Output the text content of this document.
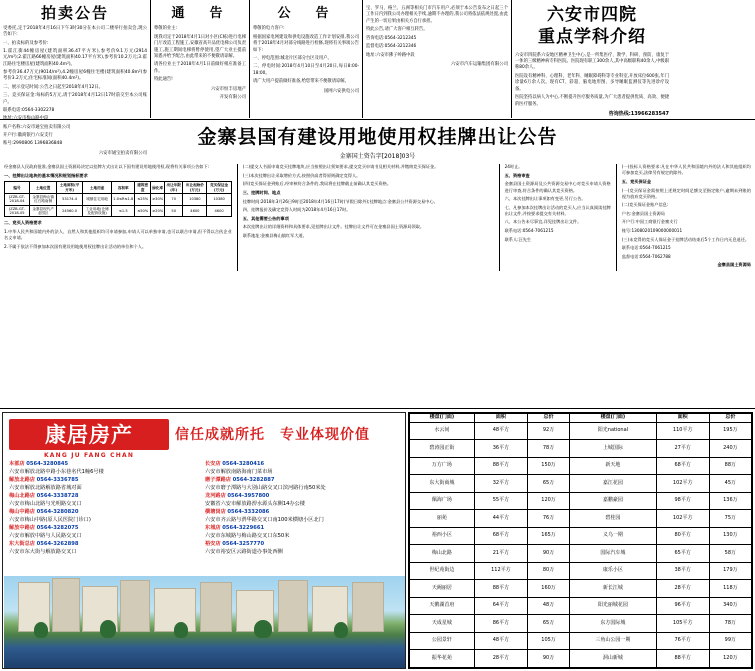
拍卖公告

受委托,定于2018年4月16日下午3时30分在本公司二楼举行拍卖会,现公告如下:

一、拍卖标的及参考价:

1.霍江街44幢房屋(建筑面积36.47平方米),参考价9.1万元(2914元/m²);2.霍江路66幢房屋(建筑面积40.17平方米),参考价10.2万元;3.霍江路住宅楼房屋(建筑面积40.4m²)。

参考价36.47万元(9014/m²),4.2幢房屋6幢住宅楼(建筑面积40.8m²)参考价3.2万元;住宅标准间(面积40.4m²)。

二、展示登记时间:公告之日起至2018年4月12日。

三、竞买保证金:每标的5万元,请于2018年4月12日17时前交至本公司账户。

联系电话:0564-3302278

地址:六安市梅山路中段

账户名称:六安市通宝拍卖有限公司

开户行:徽商银行六安支行

账号:2990806 1396836848

六安市通宝拍卖有限公司
通　告

尊敬的业主:

现我司定于2018年4月1日对小区(C栋)进行电梯门厅改造工程施工,安徽省高升品优电梯公司负责施工,施工期间电梯将暂停使用,望广大业主提前知悉并给予配合,由此带来的不便敬请谅解。

请各位业主于2018年4月1日前做好相应准备工作。

特此通告!

六安市恒丰房地产
开发有限公司
公　告

尊敬的电力客户:

根据国家电网建设和供电设施改造工作计划安排,我公司将于2018年4月对部分线路进行检修,现将有关事项公告如下:

一、停电范围:城北片区部分台区及用户。

二、停电时间:2018年4月10日至4月20日,每日8:00-18:00。

请广大用户提前做好准备,给您带来不便敬请谅解。

国网六安供电公司

宝、罗马、格兰、五洲等相关门市汽车用户,必须于本公告发布之日起三个工作日内到我公司办理相关手续,逾期不办理的,我公司将依法依规处置,由此产生的一切后果由相关方自行承担。

特此公告,请广大客户相互转告。

咨询电话:0564-3212345

监督电话:0564-3212346

地址:六安市佛子岭路中段

六安市汽车运输集团有限公司
六安市四院
重点学科介绍

六安市四院系六安地区精神卫生中心,是一所集医疗、教学、科研、预防、康复于一体的三级精神病专科医院。医院现有职工300余人,其中高级职称40余人,中级职称80余人。

医院设有精神科、心理科、老年科、睡眠障碍科等专业科室,开放床位600张,年门诊量6万余人次。现有CT、彩超、脑电地形图、多导睡眠监测仪等先进诊疗设备。

医院坚持以病人为中心,不断提升医疗服务质量,为广大患者提供优质、高效、便捷的医疗服务。

咨询热线:13966283547
金寨县国有建设用地使用权挂牌出让公告
金寨国土资告字[2018]03号

经金寨县人民政府批准,金寨县国土资源局决定以挂牌方式出让以下国有建设用地使用权,现将有关事项公告如下:

一、挂牌出让地块的基本情况和规划指标要求

编号	土地位置	土地面积(平方米)	土地用途	容积率	建筑密度	绿化率	出让年限(年)	出让起始价(万元)	竞买保证金(万元)
JZZB-GT-2018-04	金寨县梅山镇红石路南侧	53174.4	城镇住宅用地	1.0≤R≤1.8	≤25%	≥30%	70	10380	10380
JZZB-GT-2018-05	金寨县现代产业园区	24560.0	工业用地(仓储及配套设施)	≤1.5	≤50%	≥20%	50	4600	4600

二、竞买人资格要求

1.中华人民共和国境内外的法人、自然人和其他组织均可申请参加,申请人可以单独申请,也可以联合申请,但不得以合伙企业名义申请。

2.不属于依法不得参加本次国有建设用地使用权挂牌出让活动的单位和个人。

(二)提交人书面申请竞买挂牌地块,应当按照出让须知要求,提交竞买申请书及相关材料,并缴纳竞买保证金。

(三)本次挂牌出让采取增价方式,按照价高者得原则确定竞得人。

(四)竞买保证金到账后,经审核符合条件的,我局将在挂牌截止前确认其竞买资格。

三、挂牌时间、地点

挂牌时间:2018年3月26日9时至2018年4月16日17时(节假日除外);挂牌地点:金寨县公共资源交易中心。

四、挂牌报价及确定竞得人时间为2018年4月16日17时。

五、其他需要公告的事项

本次挂牌出让的详细资料和具体要求,见挂牌出让文件。挂牌出让文件可在金寨县国土资源局领取。

联系地址:金寨县梅山镇红军大道。

24时止。

五、资格审查

金寨县国土资源局及公共资源交易中心对竞买申请人资格进行审查,符合条件的确认其竞买资格。

六、本次挂牌出让事项如有变更,另行公告。

七、凡参加本次挂牌出让活动的竞买人,应当认真阅读挂牌出让文件,并按要求提交有关材料。

八、本公告未尽事宜,详见挂牌出让文件。

联系电话:0564-7061215

联系人:汪先生

(一)投标人资格要求:凡在中华人民共和国境内外的法人和其他组织均可参加竞买,法律另有规定的除外。

五、竞买保证金

(一)竞买保证金需按照上述规定时间足额交至指定账户,逾期未到账的视为放弃竞买资格。

(二)竞买保证金账户信息:

户名:金寨县国土资源局

开户行:中国工商银行金寨支行

账号:1308020109000000011

(三)未竞得的竞买人保证金于挂牌活动结束后5个工作日内无息退还。

联系电话:0564-7061215

监督电话:0564-7062788

金寨县国土资源局

康居房产
KANG JU FANG CHAN
信任成就所托　专业体现价值
本部店 0564-3280845
六安市解放北路中路小东巷名代1幢6号楼
解放北路店 0564-3336785
六安市解放北路解放路省城对面
梅山北路店 0564-3338728
六安市梅山北路与光明路交叉口
梅山中路店 0564-3280820
六安市梅山中路(原人民医院门诊口)
解放中路店 0564-3282075
六安市解放中路与人民路交叉口
东大街总店 0564-3262898
六安市东大街与解放路交叉口
长安店 0564-3280416
六安市解放南路海南门菜市场
磨子潭路店 0564-3282887
六安市磨子潭路与大别山路交叉口滨河路行南50米处
龙河路店 0564-3957800
安徽省六安市解放路淠水源头东侧14办公楼
横塘岗店 0564-3332086
六安市齐云路与淠华路交叉口南100米横塘小区北门
东城店 0564-3229661
六安市东城路与梅山路交叉口东50米
裕安店 0564-3257770
六安市裕安区云路街道办事处西侧
楼盘(门面)	面积	总价	楼盘(门面)	面积	总价
水云间	48平方	92万	阳光national	110平方	195万
碧涛园正街	36平方	78万	上城国际	27平方	240万
万方广场	88平方	150万	新天地	68平方	88万
东大街商城	32平方	65万	嘉江花园	102平方	45万
佩海广场	55平方	120万	嘉鹏豪园	98平方	136万
丽苑	44平方	76万	碧桂园	102平方	75万
裕西小区	68平方	165万	义乌一期	80平方	130万
梅山北路	21平方	90万	国际汽车城	65平方	58万
世纪苑街边	112平方	80万	康乐小区	38平方	179万
天阙丽居	88平方	160万	新长江城	28平方	118万
天鹅湖首府	64平方	48万	阳光丽城花园	96平方	340万
天成星城	86平方	65万	东方国际城	105平方	78万
公园景轩	48平方	105万	三角山公园一期	76平方	99万
振华花苑	28平方	90万	洞山新城	88平方	120万
